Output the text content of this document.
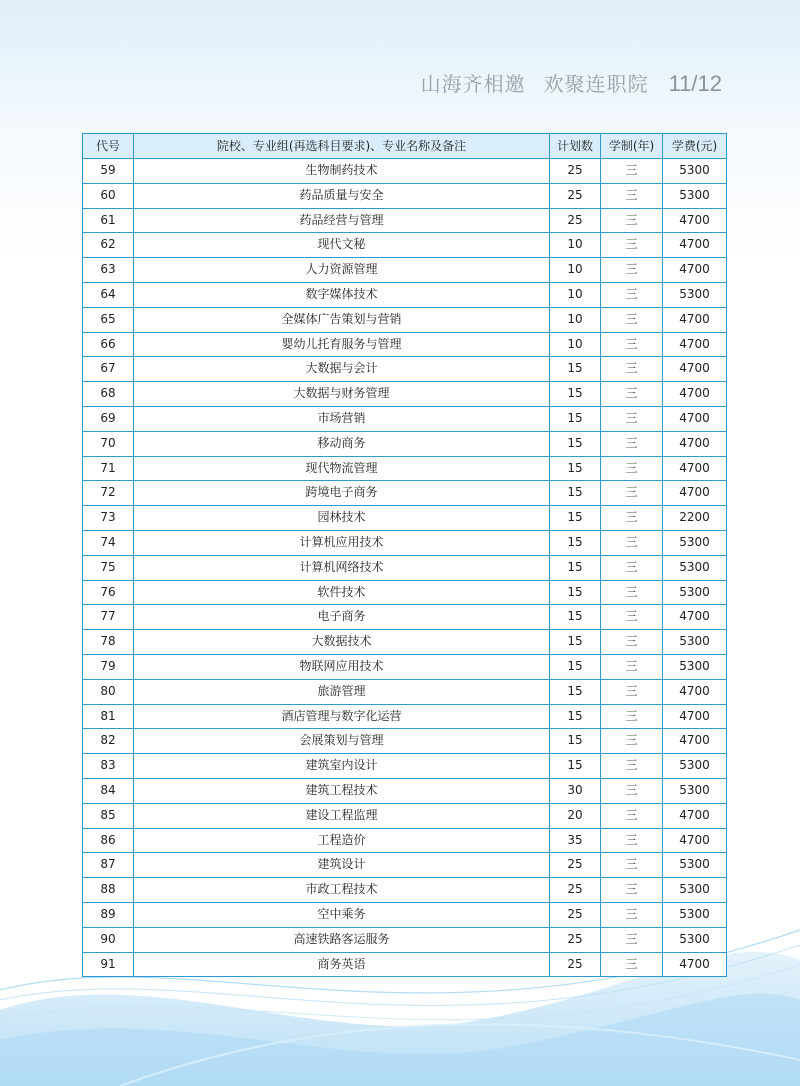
山海齐相邀 欢聚连职院 11/12
代号	院校、专业组(再选科目要求)、专业名称及备注	计划数	学制(年)	学费(元)
59	生物制药技术	25	三	5300
60	药品质量与安全	25	三	5300
61	药品经营与管理	25	三	4700
62	现代文秘	10	三	4700
63	人力资源管理	10	三	4700
64	数字媒体技术	10	三	5300
65	全媒体广告策划与营销	10	三	4700
66	婴幼儿托育服务与管理	10	三	4700
67	大数据与会计	15	三	4700
68	大数据与财务管理	15	三	4700
69	市场营销	15	三	4700
70	移动商务	15	三	4700
71	现代物流管理	15	三	4700
72	跨境电子商务	15	三	4700
73	园林技术	15	三	2200
74	计算机应用技术	15	三	5300
75	计算机网络技术	15	三	5300
76	软件技术	15	三	5300
77	电子商务	15	三	4700
78	大数据技术	15	三	5300
79	物联网应用技术	15	三	5300
80	旅游管理	15	三	4700
81	酒店管理与数字化运营	15	三	4700
82	会展策划与管理	15	三	4700
83	建筑室内设计	15	三	5300
84	建筑工程技术	30	三	5300
85	建设工程监理	20	三	4700
86	工程造价	35	三	4700
87	建筑设计	25	三	5300
88	市政工程技术	25	三	5300
89	空中乘务	25	三	5300
90	高速铁路客运服务	25	三	5300
91	商务英语	25	三	4700
